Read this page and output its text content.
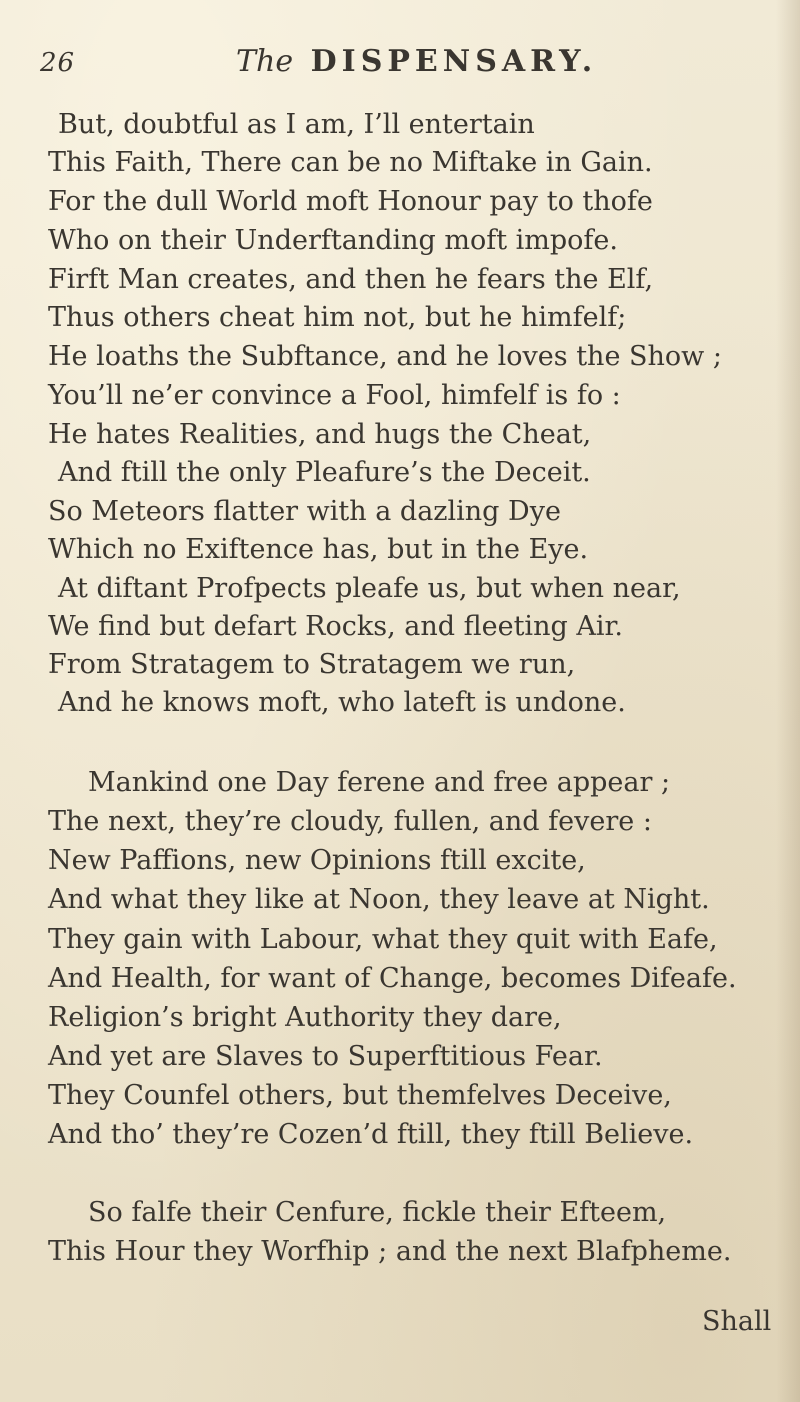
26	The DISPENSARY.
But, doubtful as I am, I’ll entertain
This Faith, There can be no Miftake in Gain.
For the dull World moft Honour pay to thofe
Who on their Underftanding moft impofe.
Firft Man creates, and then he fears the Elf,
Thus others cheat him not, but he himfelf;
He loaths the Subftance, and he loves the Show ;
You’ll ne’er convince a Fool, himfelf is fo :
He hates Realities, and hugs the Cheat,
And ftill the only Pleafure’s the Deceit.
So Meteors flatter with a dazling Dye
Which no Exiftence has, but in the Eye.
At diftant Profpects pleafe us, but when near,
We find but defart Rocks, and fleeting Air.
From Stratagem to Stratagem we run,
And he knows moft, who lateft is undone.
Mankind one Day ferene and free appear ;
The next, they’re cloudy, fullen, and fevere :
New Paffions, new Opinions ftill excite,
And what they like at Noon, they leave at Night.
They gain with Labour, what they quit with Eafe,
And Health, for want of Change, becomes Difeafe.
Religion’s bright Authority they dare,
And yet are Slaves to Superftitious Fear.
They Counfel others, but themfelves Deceive,
And tho’ they’re Cozen’d ftill, they ftill Believe.
So falfe their Cenfure, fickle their Efteem,
This Hour they Worfhip ; and the next Blafpheme.
Shall
